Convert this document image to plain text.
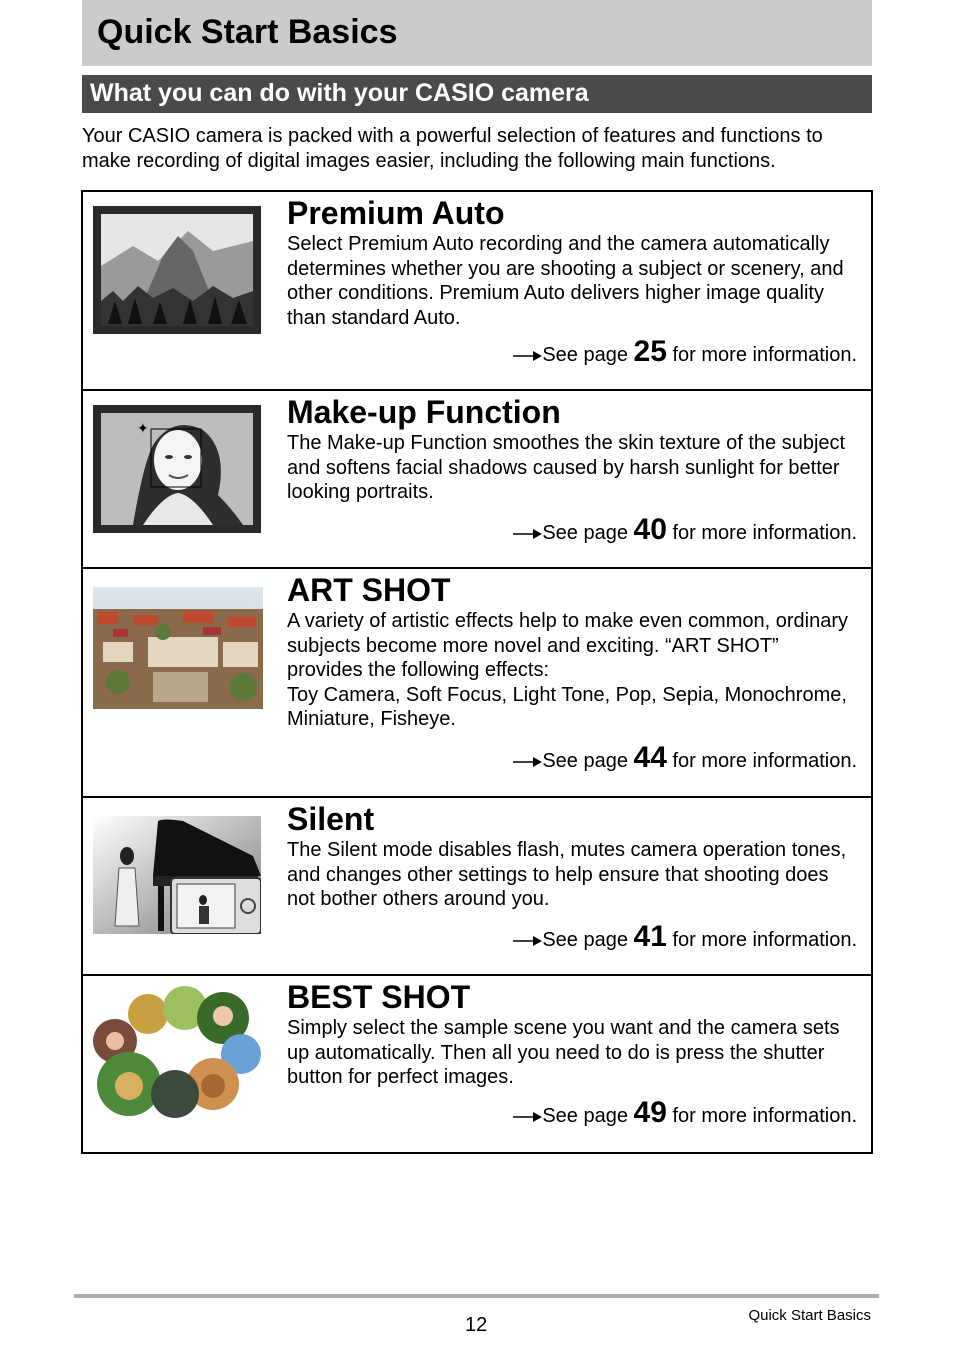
Quick Start Basics
What you can do with your CASIO camera

Your CASIO camera is packed with a powerful selection of features and functions to make recording of digital images easier, including the following main functions.

Premium Auto

Select Premium Auto recording and the camera automatically determines whether you are shooting a subject or scenery, and other conditions. Premium Auto delivers higher image quality than standard Auto.

See page 25 for more information.
✦	Make-up Function

The Make-up Function smoothes the skin texture of the subject and softens facial shadows caused by harsh sunlight for better looking portraits.

See page 40 for more information.
ART SHOT

A variety of artistic effects help to make even common, ordinary subjects become more novel and exciting. “ART SHOT” provides the following effects:

Toy Camera, Soft Focus, Light Tone, Pop, Sepia, Monochrome, Miniature, Fisheye.

See page 44 for more information.
Silent

The Silent mode disables flash, mutes camera operation tones, and changes other settings to help ensure that shooting does not bother others around you.

See page 41 for more information.
BEST SHOT

Simply select the sample scene you want and the camera sets up automatically. Then all you need to do is press the shutter button for perfect images.

See page 49 for more information.
12	Quick Start Basics
